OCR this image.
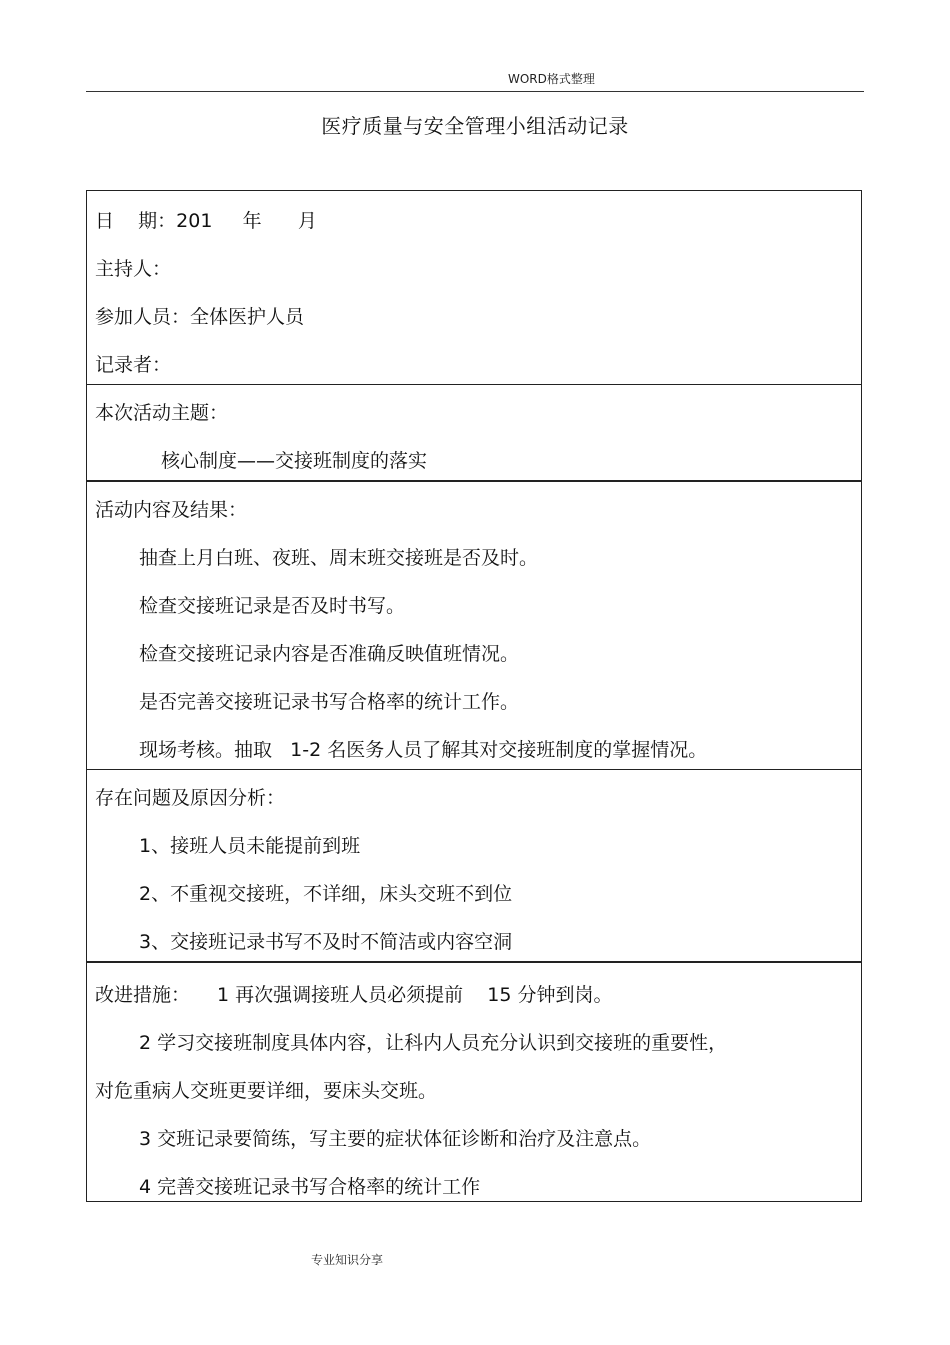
WORD格式整理
医疗质量与安全管理小组活动记录
日    期：201     年      月
主持人：
参加人员：全体医护人员
记录者：
本次活动主题：
核心制度——交接班制度的落实
活动内容及结果：
抽查上月白班、夜班、周末班交接班是否及时。
检查交接班记录是否及时书写。
检查交接班记录内容是否准确反映值班情况。
是否完善交接班记录书写合格率的统计工作。
现场考核。抽取   1-2 名医务人员了解其对交接班制度的掌握情况。
存在问题及原因分析：
1、接班人员未能提前到班
2、不重视交接班，不详细，床头交班不到位
3、交接班记录书写不及时不简洁或内容空洞
改进措施： 1 再次强调接班人员必须提前    15 分钟到岗。
2 学习交接班制度具体内容，让科内人员充分认识到交接班的重要性，
对危重病人交班更要详细，要床头交班。
3 交班记录要简练，写主要的症状体征诊断和治疗及注意点。
4 完善交接班记录书写合格率的统计工作
专业知识分享
